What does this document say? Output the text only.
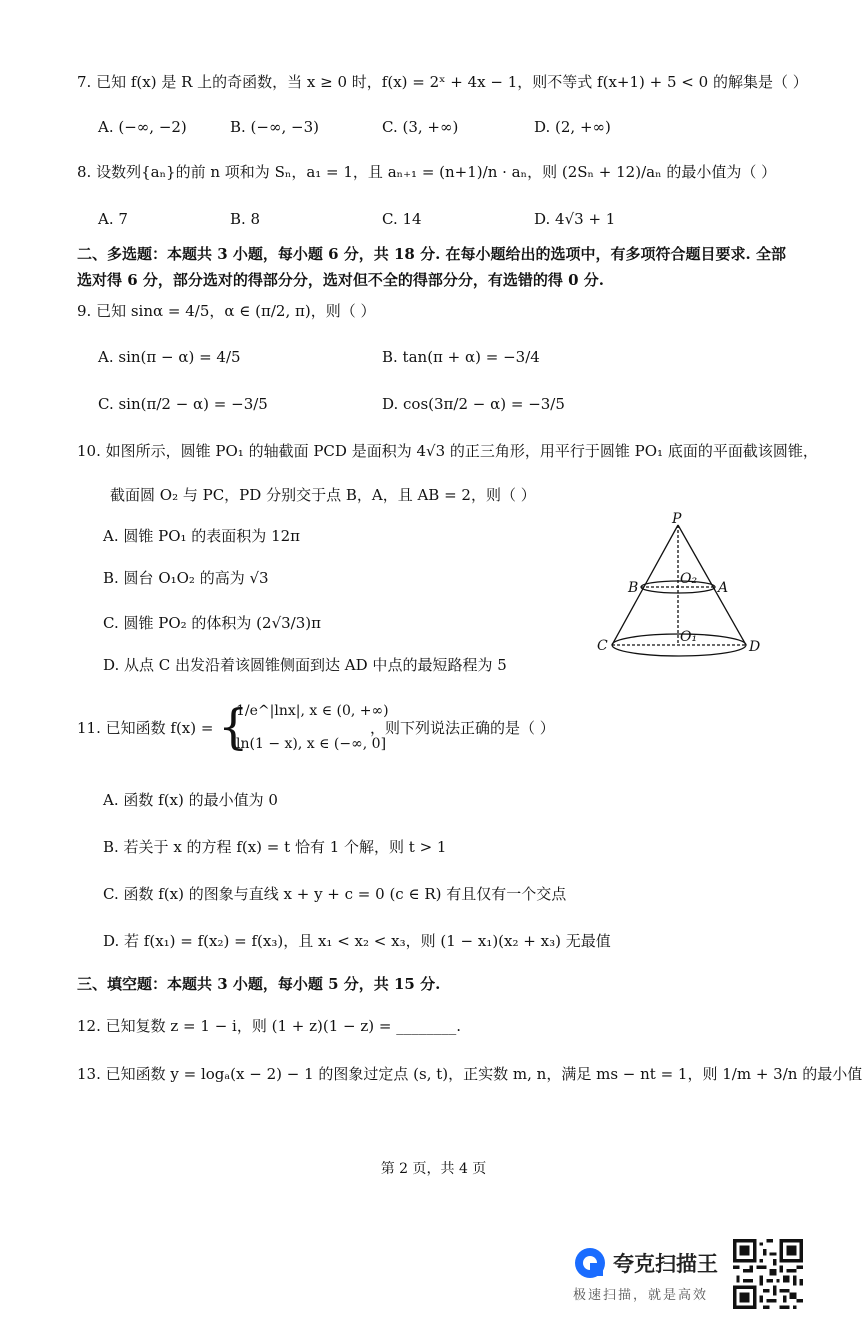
7. 已知 f(x) 是 R 上的奇函数，当 x ≥ 0 时，f(x) = 2ˣ + 4x − 1，则不等式 f(x+1) + 5 < 0 的解集是（ ）
A. (−∞, −2)	B. (−∞, −3)	C. (3, +∞)	D. (2, +∞)
8. 设数列{aₙ}的前 n 项和为 Sₙ，a₁ = 1，且 aₙ₊₁ = (n+1)/n · aₙ，则 (2Sₙ + 12)/aₙ 的最小值为（ ）
A. 7	B. 8	C. 14	D. 4√3 + 1
二、多选题：本题共 3 小题，每小题 6 分，共 18 分. 在每小题给出的选项中，有多项符合题目要求. 全部
选对得 6 分，部分选对的得部分分，选对但不全的得部分分，有选错的得 0 分.
9. 已知 sinα = 4/5，α ∈ (π/2, π)，则（ ）
A. sin(π − α) = 4/5	B. tan(π + α) = −3/4
C. sin(π/2 − α) = −3/5	D. cos(3π/2 − α) = −3/5
10. 如图所示，圆锥 PO₁ 的轴截面 PCD 是面积为 4√3 的正三角形，用平行于圆锥 PO₁ 底面的平面截该圆锥，
截面圆 O₂ 与 PC，PD 分别交于点 B，A，且 AB = 2，则（ ）
A. 圆锥 PO₁ 的表面积为 12π
B. 圆台 O₁O₂ 的高为 √3
C. 圆锥 PO₂ 的体积为 (2√3/3)π
D. 从点 C 出发沿着该圆锥侧面到达 AD 中点的最短路程为 5
P
B	A
O₂
C
O₁
D
11. 已知函数 f(x) = {
1/e^|lnx|, x ∈ (0, +∞)
ln(1 − x), x ∈ (−∞, 0]
，则下列说法正确的是（ ）
A. 函数 f(x) 的最小值为 0
B. 若关于 x 的方程 f(x) = t 恰有 1 个解，则 t > 1
C. 函数 f(x) 的图象与直线 x + y + c = 0 (c ∈ R) 有且仅有一个交点
D. 若 f(x₁) = f(x₂) = f(x₃)，且 x₁ < x₂ < x₃，则 (1 − x₁)(x₂ + x₃) 无最值
三、填空题：本题共 3 小题，每小题 5 分，共 15 分.
12. 已知复数 z = 1 − i，则 (1 + z)(1 − z) = ________.
13. 已知函数 y = logₐ(x − 2) − 1 的图象过定点 (s, t)，正实数 m, n，满足 ms − nt = 1，则 1/m + 3/n 的最小值
第 2 页，共 4 页
夸克扫描王
极速扫描，就是高效
